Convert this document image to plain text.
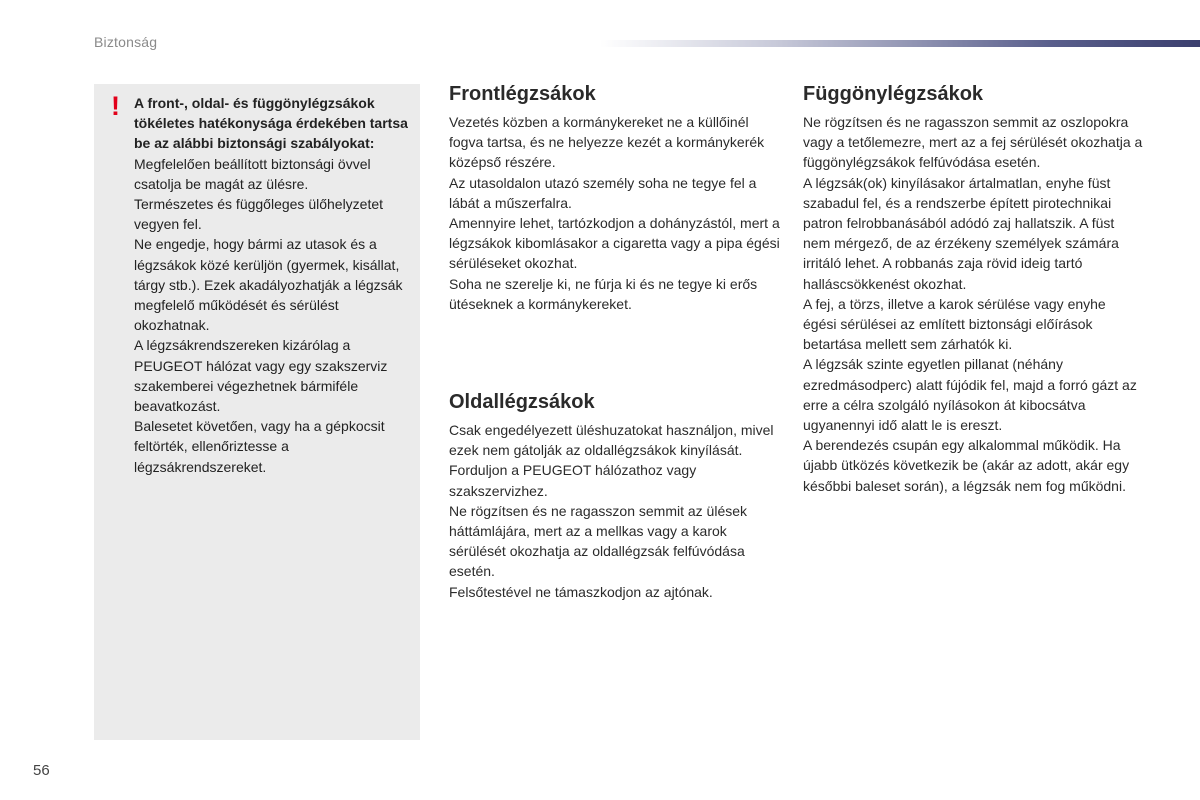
Biztonság
! A front-, oldal- és függönylégzsákok tökéletes hatékonysága érdekében tartsa be az alábbi biztonsági szabályokat:

Megfelelően beállított biztonsági övvel csatolja be magát az ülésre.

Természetes és függőleges ülőhelyzetet vegyen fel.

Ne engedje, hogy bármi az utasok és a légzsákok közé kerüljön (gyermek, kisállat, tárgy stb.). Ezek akadályozhatják a légzsák megfelelő működését és sérülést okozhatnak.

A légzsákrendszereken kizárólag a PEUGEOT hálózat vagy egy szakszerviz szakemberei végezhetnek bármiféle beavatkozást.

Balesetet követően, vagy ha a gépkocsit feltörték, ellenőriztesse a légzsákrendszereket.

Frontlégzsákok

Vezetés közben a kormánykereket ne a küllőinél fogva tartsa, és ne helyezze kezét a kormánykerék középső részére.

Az utasoldalon utazó személy soha ne tegye fel a lábát a műszerfalra.

Amennyire lehet, tartózkodjon a dohányzástól, mert a légzsákok kibomlásakor a cigaretta vagy a pipa égési sérüléseket okozhat.

Soha ne szerelje ki, ne fúrja ki és ne tegye ki erős ütéseknek a kormánykereket.

Oldallégzsákok

Csak engedélyezett üléshuzatokat használjon, mivel ezek nem gátolják az oldallégzsákok kinyílását. Forduljon a PEUGEOT hálózathoz vagy szakszervizhez.

Ne rögzítsen és ne ragasszon semmit az ülések háttámlájára, mert az a mellkas vagy a karok sérülését okozhatja az oldallégzsák felfúvódása esetén.

Felsőtestével ne támaszkodjon az ajtónak.

Függönylégzsákok

Ne rögzítsen és ne ragasszon semmit az oszlopokra vagy a tetőlemezre, mert az a fej sérülését okozhatja a függönylégzsákok felfúvódása esetén.

A légzsák(ok) kinyílásakor ártalmatlan, enyhe füst szabadul fel, és a rendszerbe épített pirotechnikai patron felrobbanásából adódó zaj hallatszik. A füst nem mérgező, de az érzékeny személyek számára irritáló lehet. A robbanás zaja rövid ideig tartó halláscsökkenést okozhat.

A fej, a törzs, illetve a karok sérülése vagy enyhe égési sérülései az említett biztonsági előírások betartása mellett sem zárhatók ki.

A légzsák szinte egyetlen pillanat (néhány ezredmásodperc) alatt fújódik fel, majd a forró gázt az erre a célra szolgáló nyílásokon át kibocsátva ugyanennyi idő alatt le is ereszt.

A berendezés csupán egy alkalommal működik. Ha újabb ütközés következik be (akár az adott, akár egy későbbi baleset során), a légzsák nem fog működni.

56
